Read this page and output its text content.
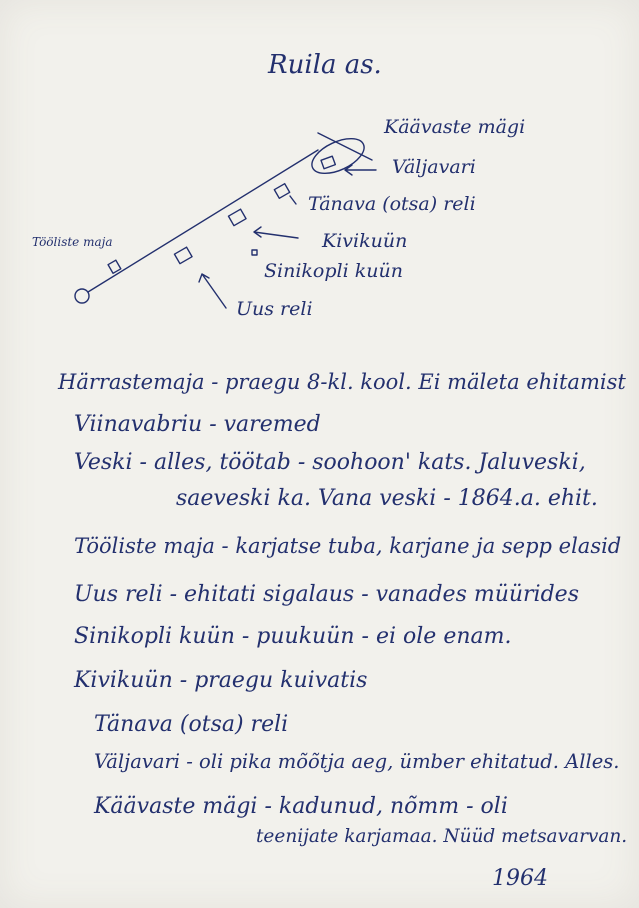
Ruila as.
Käävaste mägi
Väljavari
Tänava (otsa) reli
Kivikuün
Sinikopli kuün
Uus reli
Tööliste maja
Härrastemaja - praegu 8-kl. kool. Ei mäleta ehitamist
Viinavabriu - varemed
Veski - alles, töötab - soohoon' kats. Jaluveski,
saeveski ka. Vana veski - 1864.a. ehit.
Tööliste maja - karjatse tuba, karjane ja sepp elasid
Uus reli - ehitati sigalaus - vanades müürides
Sinikopli kuün - puukuün - ei ole enam.
Kivikuün - praegu kuivatis
Tänava (otsa) reli
Väljavari - oli pika mõõtja aeg, ümber ehitatud. Alles.
Käävaste mägi - kadunud, nõmm - oli
teenijate karjamaa. Nüüd metsavarvan.
1964
